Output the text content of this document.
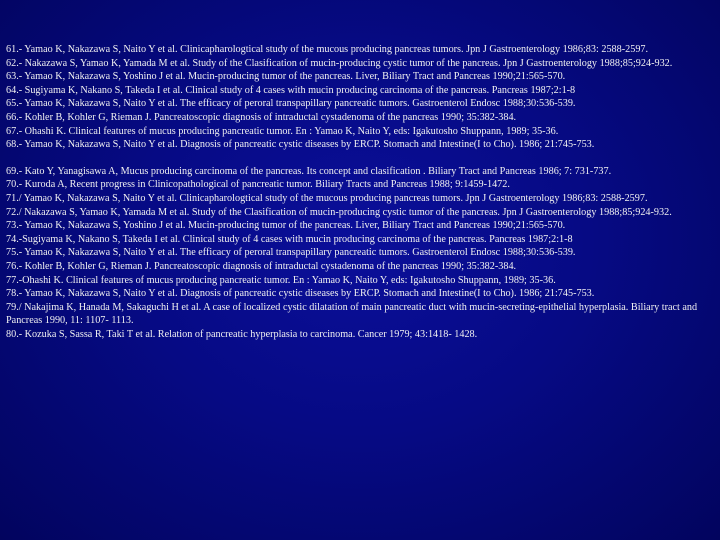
61.- Yamao K, Nakazawa S, Naito Y et al. Clinicapharologtical study of the mucous producing pancreas tumors. Jpn J Gastroenterology 1986;83: 2588-2597.

62.- Nakazawa S, Yamao K, Yamada M et al. Study of the Clasification of mucin-producing cystic tumor of the pancreas. Jpn J Gastroenterology 1988;85;924-932.

63.- Yamao K, Nakazawa S, Yoshino J et al. Mucin-producing tumor of the pancreas. Liver, Biliary Tract and Pancreas 1990;21:565-570.

64.- Sugiyama K, Nakano S, Takeda I et al. Clinical study of 4 cases with mucin producing carcinoma of the pancreas. Pancreas 1987;2:1-8

65.- Yamao K, Nakazawa S, Naito Y et al. The efficacy of peroral transpapillary pancreatic tumors. Gastroenterol Endosc 1988;30:536-539.

66.- Kohler B, Kohler G, Rieman J. Pancreatoscopic diagnosis of intraductal cystadenoma of the pancreas 1990; 35:382-384.

67.- Ohashi K. Clinical features of mucus producing pancreatic tumor. En : Yamao K, Naito Y, eds: Igakutosho Shuppann, 1989; 35-36.

68.- Yamao K, Nakazawa S, Naito Y et al. Diagnosis of pancreatic cystic diseases by ERCP. Stomach and Intestine(I to Cho). 1986; 21:745-753.

69.- Kato Y, Yanagisawa A, Mucus producing carcinoma of the pancreas. Its concept and clasification . Biliary Tract and Pancreas 1986; 7: 731-737.

70.- Kuroda A, Recent progress in Clinicopathological of pancreatic tumor. Biliary Tracts and Pancreas 1988; 9:1459-1472.

71./ Yamao K, Nakazawa S, Naito Y et al. Clinicapharologtical study of the mucous producing pancreas tumors. Jpn J Gastroenterology 1986;83: 2588-2597.

72./ Nakazawa S, Yamao K, Yamada M et al. Study of the Clasification of mucin-producing cystic tumor of the pancreas. Jpn J Gastroenterology 1988;85;924-932.

73.- Yamao K, Nakazawa S, Yoshino J et al. Mucin-producing tumor of the pancreas. Liver, Biliary Tract and Pancreas 1990;21:565-570.

74.-Sugiyama K, Nakano S, Takeda I et al. Clinical study of 4 cases with mucin producing carcinoma of the pancreas. Pancreas 1987;2:1-8

75.- Yamao K, Nakazawa S, Naito Y et al. The efficacy of peroral transpapillary pancreatic tumors. Gastroenterol Endosc 1988;30:536-539.

76.- Kohler B, Kohler G, Rieman J. Pancreatoscopic diagnosis of intraductal cystadenoma of the pancreas 1990; 35:382-384.

77.-Ohashi K. Clinical features of mucus producing pancreatic tumor. En : Yamao K, Naito Y, eds: Igakutosho Shuppann, 1989; 35-36.

78.- Yamao K, Nakazawa S, Naito Y et al. Diagnosis of pancreatic cystic diseases by ERCP. Stomach and Intestine(I to Cho). 1986; 21:745-753.

79./ Nakajima K, Hanada M, Sakaguchi H et al. A case of localized cystic dilatation of main pancreatic duct with mucin-secreting-epithelial hyperplasia. Biliary tract and Pancreas 1990, 11: 1107- 1113.

80.- Kozuka S, Sassa R, Taki T et al. Relation of pancreatic hyperplasia to carcinoma. Cancer 1979; 43:1418- 1428.
